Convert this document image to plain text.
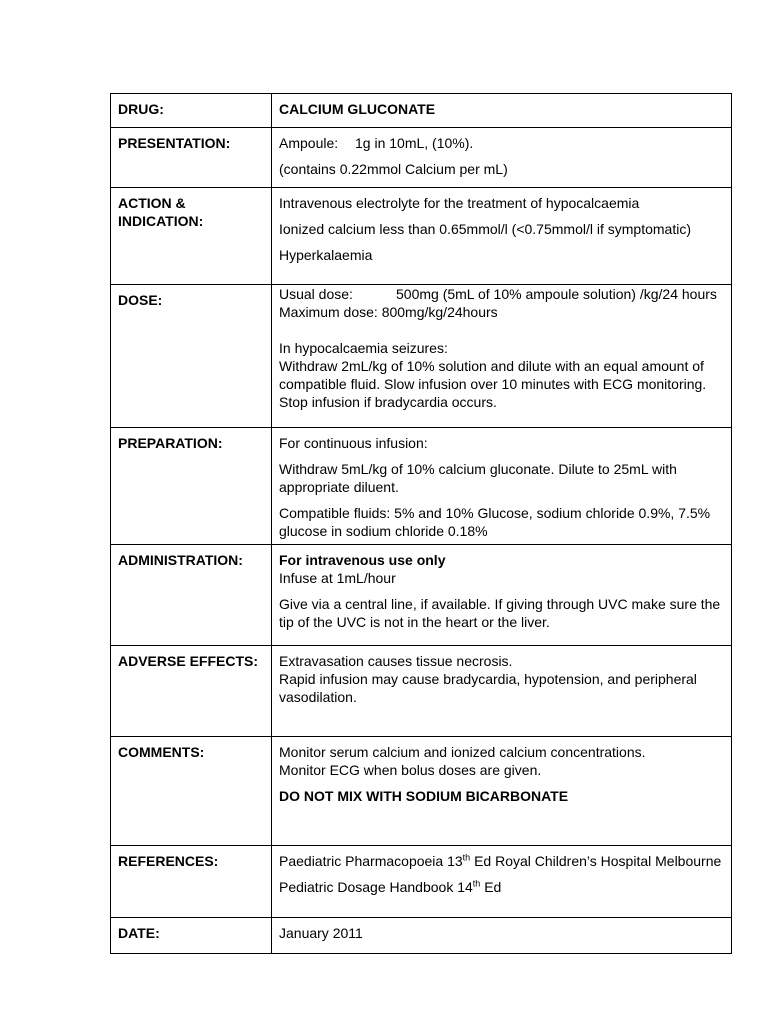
DRUG:	CALCIUM GLUCONATE
PRESENTATION:	Ampoule: 1g in 10mL, (10%).
(contains 0.22mmol Calcium per mL)

ACTION & INDICATION:	Intravenous electrolyte for the treatment of hypocalcaemia
Ionized calcium less than 0.65mmol/l (<0.75mmol/l if symptomatic)
Hyperkalaemia

DOSE:	Usual dose: 500mg (5mL of 10% ampoule solution) /kg/24 hours
Maximum dose: 800mg/kg/24hours
In hypocalcaemia seizures:
Withdraw 2mL/kg of 10% solution and dilute with an equal amount of compatible fluid. Slow infusion over 10 minutes with ECG monitoring. Stop infusion if bradycardia occurs.

PREPARATION:	For continuous infusion:
Withdraw 5mL/kg of 10% calcium gluconate. Dilute to 25mL with appropriate diluent.
Compatible fluids: 5% and 10% Glucose, sodium chloride 0.9%, 7.5% glucose in sodium chloride 0.18%

ADMINISTRATION:	For intravenous use only
Infuse at 1mL/hour
Give via a central line, if available. If giving through UVC make sure the tip of the UVC is not in the heart or the liver.

ADVERSE EFFECTS:	Extravasation causes tissue necrosis.
Rapid infusion may cause bradycardia, hypotension, and peripheral vasodilation.

COMMENTS:	Monitor serum calcium and ionized calcium concentrations.
Monitor ECG when bolus doses are given.
DO NOT MIX WITH SODIUM BICARBONATE

REFERENCES:	Paediatric Pharmacopoeia 13th Ed Royal Children’s Hospital Melbourne
Pediatric Dosage Handbook 14th Ed

DATE:	January 2011
